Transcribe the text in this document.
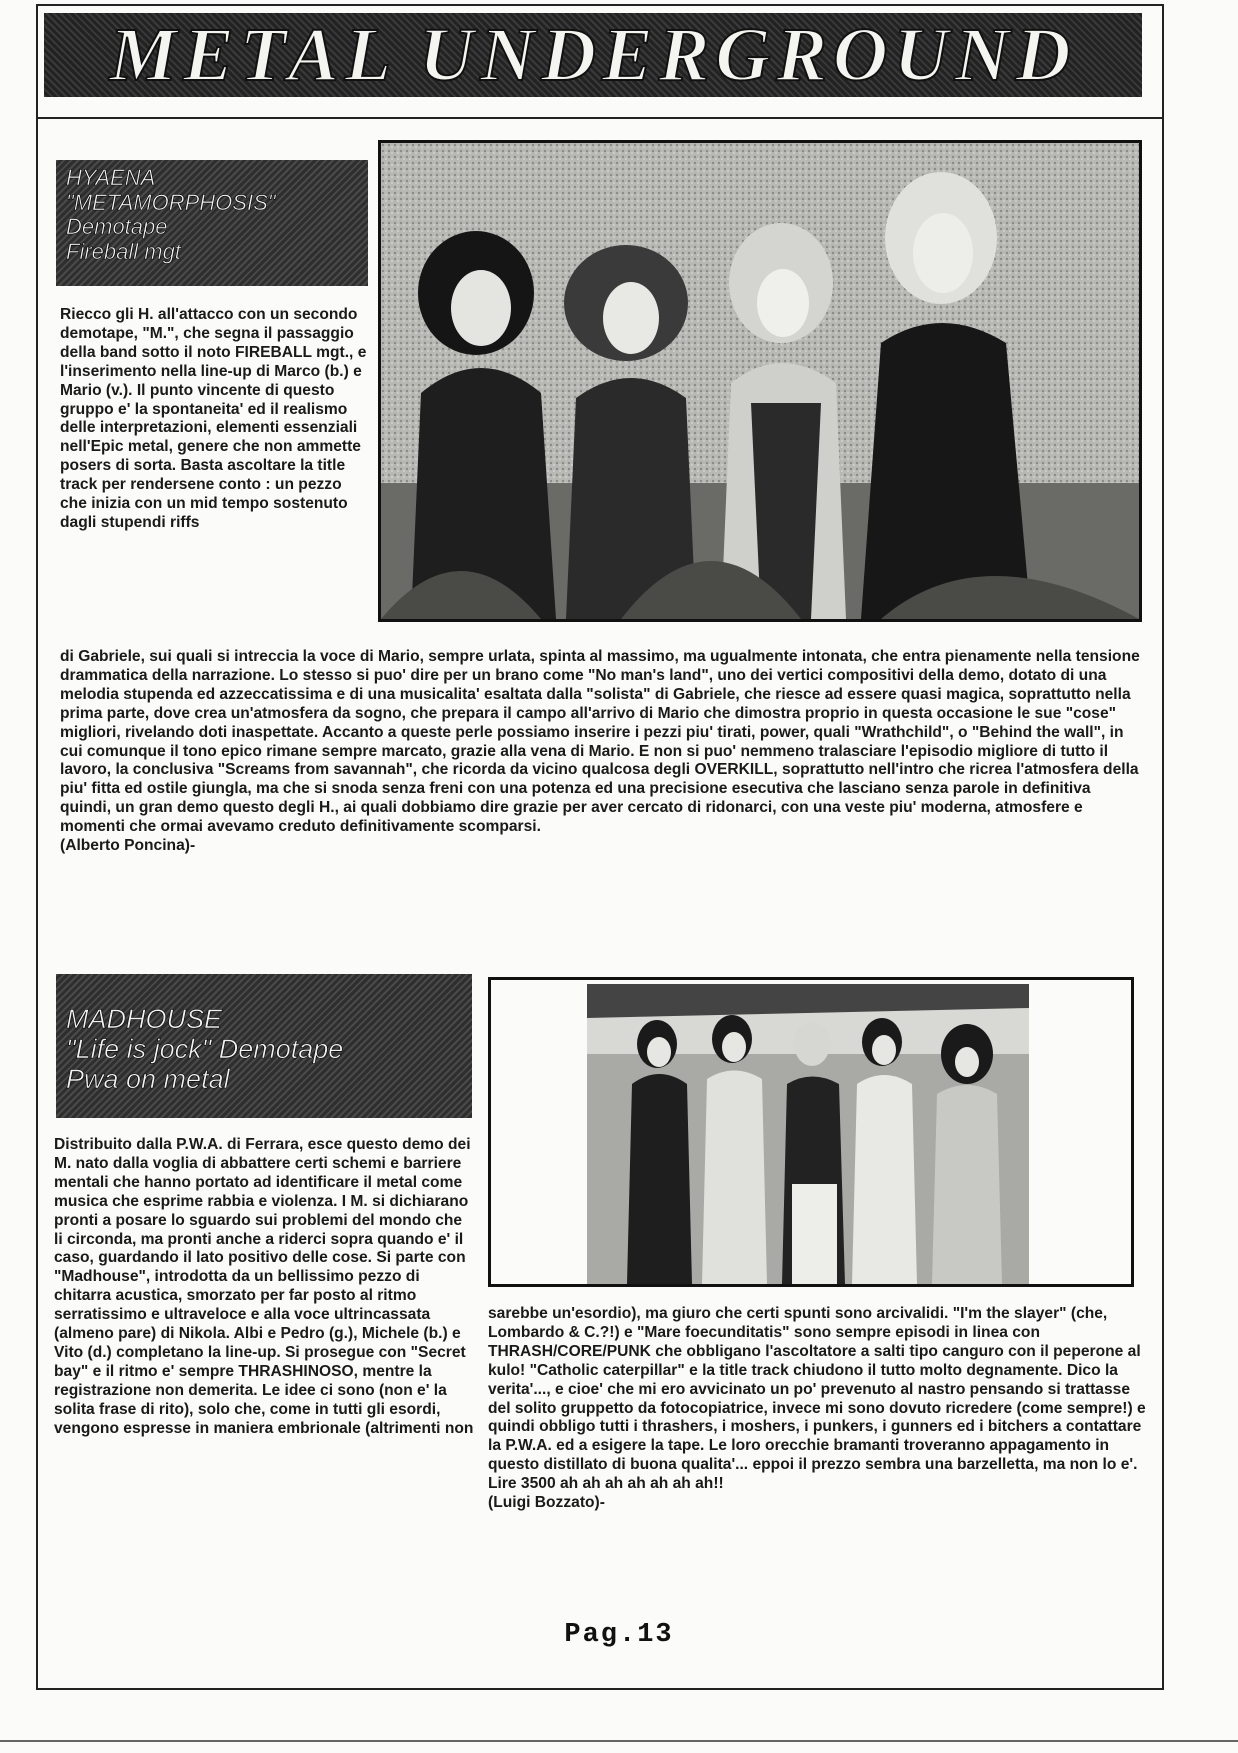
METAL UNDERGROUND
HYAENA
"METAMORPHOSIS"
Demotape
Fireball mgt
Riecco gli H. all'attacco con un secondo demotape, "M.", che segna il passaggio della band sotto il noto FIREBALL mgt., e l'inserimento nella line-up di Marco (b.) e Mario (v.). Il punto vincente di questo gruppo e' la spontaneita' ed il realismo delle interpretazioni, elementi essenziali nell'Epic metal, genere che non ammette posers di sorta. Basta ascoltare la title track per rendersene conto : un pezzo che inizia con un mid tempo sostenuto dagli stupendi riffs
di Gabriele, sui quali si intreccia la voce di Mario, sempre urlata, spinta al massimo, ma ugualmente intonata, che entra pienamente nella tensione drammatica della narrazione. Lo stesso si puo' dire per un brano come "No man's land", uno dei vertici compositivi della demo, dotato di una melodia stupenda ed azzeccatissima e di una musicalita' esaltata dalla "solista" di Gabriele, che riesce ad essere quasi magica, soprattutto nella prima parte, dove crea un'atmosfera da sogno, che prepara il campo all'arrivo di Mario che dimostra proprio in questa occasione le sue "cose" migliori, rivelando doti inaspettate. Accanto a queste perle possiamo inserire i pezzi piu' tirati, power, quali "Wrathchild", o "Behind the wall", in cui comunque il tono epico rimane sempre marcato, grazie alla vena di Mario. E non si puo' nemmeno tralasciare l'episodio migliore di tutto il lavoro, la conclusiva "Screams from savannah", che ricorda da vicino qualcosa degli OVERKILL, soprattutto nell'intro che ricrea l'atmosfera della piu' fitta ed ostile giungla, ma che si snoda senza freni con una potenza ed una precisione esecutiva che lasciano senza parole in definitiva quindi, un gran demo questo degli H., ai quali dobbiamo dire grazie per aver cercato di ridonarci, con una veste piu' moderna, atmosfere e momenti che ormai avevamo creduto definitivamente scomparsi.
(Alberto Poncina)-
MADHOUSE
"Life is jock" Demotape
Pwa on metal
Distribuito dalla P.W.A. di Ferrara, esce questo demo dei M. nato dalla voglia di abbattere certi schemi e barriere mentali che hanno portato ad identificare il metal come musica che esprime rabbia e violenza. I M. si dichiarano pronti a posare lo sguardo sui problemi del mondo che li circonda, ma pronti anche a riderci sopra quando e' il caso, guardando il lato positivo delle cose. Si parte con "Madhouse", introdotta da un bellissimo pezzo di chitarra acustica, smorzato per far posto al ritmo serratissimo e ultraveloce e alla voce ultrincassata (almeno pare) di Nikola. Albi e Pedro (g.), Michele (b.) e Vito (d.) completano la line-up. Si prosegue con "Secret bay" e il ritmo e' sempre THRASHINOSO, mentre la registrazione non demerita. Le idee ci sono (non e' la solita frase di rito), solo che, come in tutti gli esordi, vengono espresse in maniera embrionale (altrimenti non
sarebbe un'esordio), ma giuro che certi spunti sono arcivalidi. "I'm the slayer" (che, Lombardo & C.?!) e "Mare foecunditatis" sono sempre episodi in linea con THRASH/CORE/PUNK che obbligano l'ascoltatore a salti tipo canguro con il peperone al kulo! "Catholic caterpillar" e la title track chiudono il tutto molto degnamente. Dico la verita'..., e cioe' che mi ero avvicinato un po' prevenuto al nastro pensando si trattasse del solito gruppetto da fotocopiatrice, invece mi sono dovuto ricredere (come sempre!) e quindi obbligo tutti i thrashers, i moshers, i punkers, i gunners ed i bitchers a contattare la P.W.A. ed a esigere la tape. Le loro orecchie bramanti troveranno appagamento in questo distillato di buona qualita'... eppoi il prezzo sembra una barzelletta, ma non lo e'. Lire 3500 ah ah ah ah ah ah ah!!
(Luigi Bozzato)-
Pag.13
